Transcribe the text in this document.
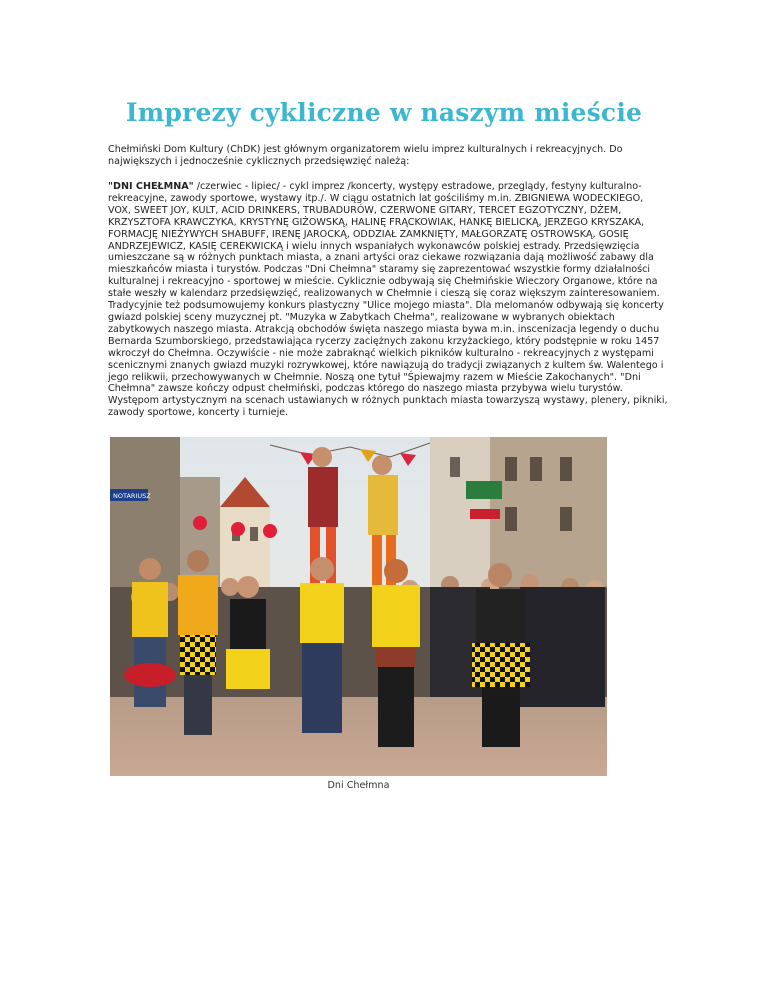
Imprezy cykliczne w naszym mieście

Chełmiński Dom Kultury (ChDK) jest głównym organizatorem wielu imprez kulturalnych i rekreacyjnych. Do największych i jednocześnie cyklicznych przedsięwzięć należą:

"DNI CHEŁMNA" /czerwiec - lipiec/ - cykl imprez /koncerty, występy estradowe, przeglądy, festyny kulturalno-rekreacyjne, zawody sportowe, wystawy itp./. W ciągu ostatnich lat gościliśmy m.in. ZBIGNIEWA WODECKIEGO, VOX, SWEET JOY, KULT, ACID DRINKERS, TRUBADURÓW, CZERWONE GITARY, TERCET EGZOTYCZNY, DŻEM, KRZYSZTOFA KRAWCZYKA, KRYSTYNĘ GIŻOWSKĄ, HALINĘ FRĄCKOWIAK, HANKĘ BIELICKĄ, JERZEGO KRYSZAKA, FORMACJĘ NIEŻYWYCH SHABUFF, IRENĘ JAROCKĄ, ODDZIAŁ ZAMKNIĘTY, MAŁGORZATĘ OSTROWSKĄ, GOSIĘ ANDRZEJEWICZ, KASIĘ CEREKWICKĄ i wielu innych wspaniałych wykonawców polskiej estrady. Przedsięwzięcia umieszczane są w różnych punktach miasta, a znani artyści oraz ciekawe rozwiązania dają możliwość zabawy dla mieszkańców miasta i turystów. Podczas "Dni Chełmna" staramy się zaprezentować wszystkie formy działalności kulturalnej i rekreacyjno - sportowej w mieście. Cyklicznie odbywają się Chełmińskie Wieczory Organowe, które na stałe weszły w kalendarz przedsięwzięć, realizowanych w Chełmnie i cieszą się coraz większym zainteresowaniem. Tradycyjnie też podsumowujemy konkurs plastyczny "Ulice mojego miasta". Dla melomanów odbywają się koncerty gwiazd polskiej sceny muzycznej pt. "Muzyka w Zabytkach Chełma", realizowane w wybranych obiektach zabytkowych naszego miasta. Atrakcją obchodów święta naszego miasta bywa m.in. inscenizacja legendy o duchu Bernarda Szumborskiego, przedstawiająca rycerzy zaciężnych zakonu krzyżackiego, który podstępnie w roku 1457 wkroczył do Chełmna. Oczywiście - nie może zabraknąć wielkich pikników kulturalno - rekreacyjnych z występami scenicznymi znanych gwiazd muzyki rozrywkowej, które nawiązują do tradycji związanych z kultem św. Walentego i jego relikwii, przechowywanych w Chełmnie. Noszą one tytuł "Śpiewajmy razem w Mieście Zakochanych". "Dni Chełmna" zawsze kończy odpust chełmiński, podczas którego do naszego miasta przybywa wielu turystów. Występom artystycznym na scenach ustawianych w różnych punktach miasta towarzyszą wystawy, plenery, pikniki, zawody sportowe, koncerty i turnieje.

NOTARIUSZ

Dni Chełmna
